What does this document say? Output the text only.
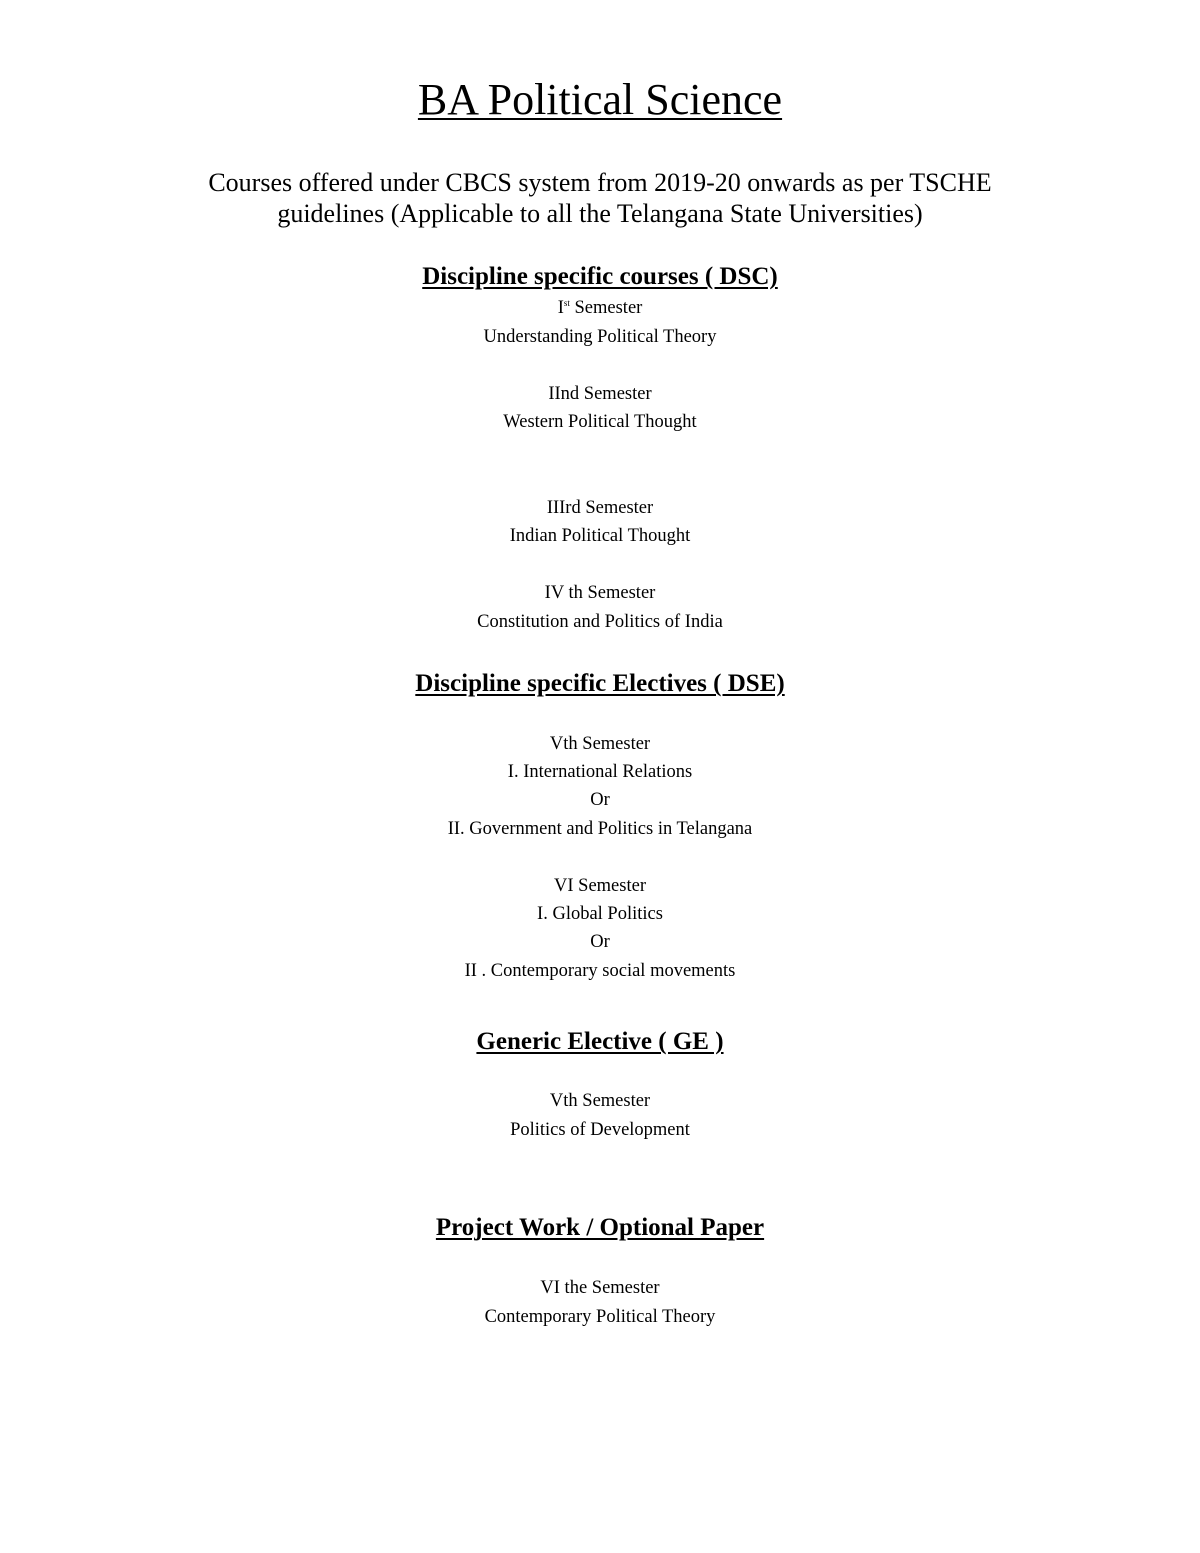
BA Political Science
Courses offered under CBCS system from 2019-20 onwards as per TSCHE
guidelines (Applicable to all the Telangana State Universities)
Discipline specific courses ( DSC)
Ist Semester
Understanding Political Theory
IInd Semester
Western Political Thought
IIIrd Semester
Indian Political Thought
IV th Semester
Constitution and Politics of India
Discipline specific Electives ( DSE)
Vth Semester
I. International Relations
Or
II. Government and Politics in Telangana
VI Semester
I. Global Politics
Or
II . Contemporary social movements
Generic Elective ( GE )
Vth Semester
Politics of Development
Project Work / Optional Paper
VI the Semester
Contemporary Political Theory
